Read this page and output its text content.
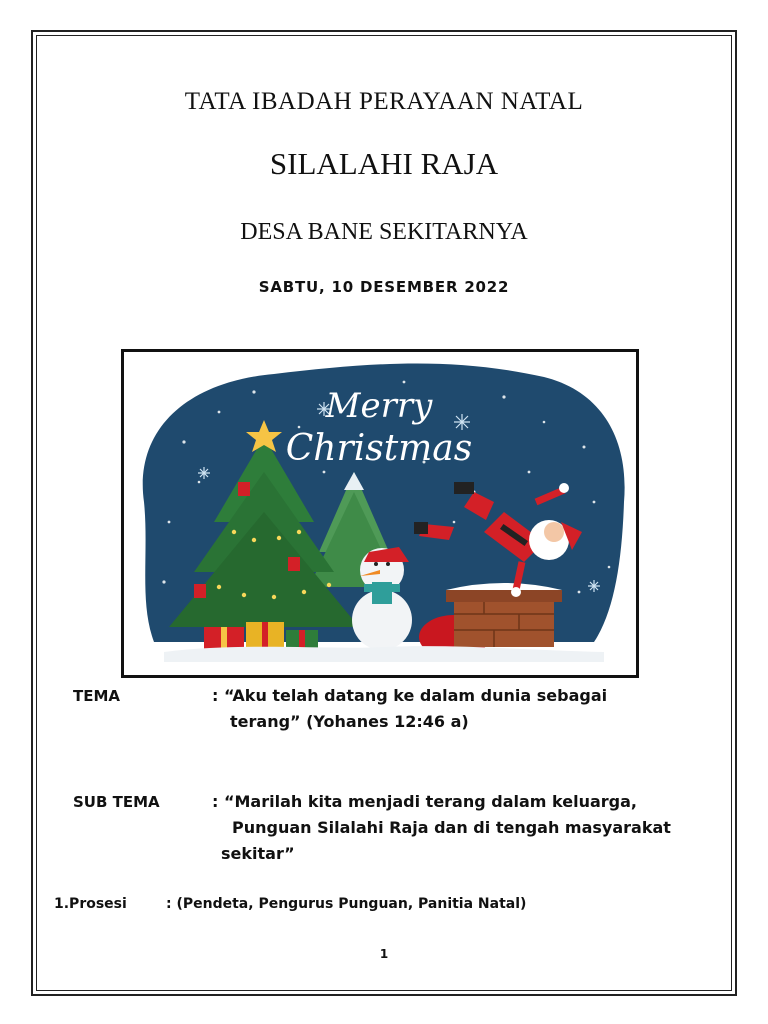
TATA IBADAH PERAYAAN NATAL
SILALAHI RAJA
DESA BANE SEKITARNYA
SABTU, 10 DESEMBER 2022
Merry
Christmas
TEMA	: “Aku telah datang ke dalam dunia sebagai
terang” (Yohanes 12:46 a)
SUB TEMA	: “Marilah kita menjadi terang dalam keluarga,
Punguan Silalahi Raja dan di tengah masyarakat
sekitar”
1.Prosesi	: (Pendeta, Pengurus Punguan, Panitia Natal)
1
